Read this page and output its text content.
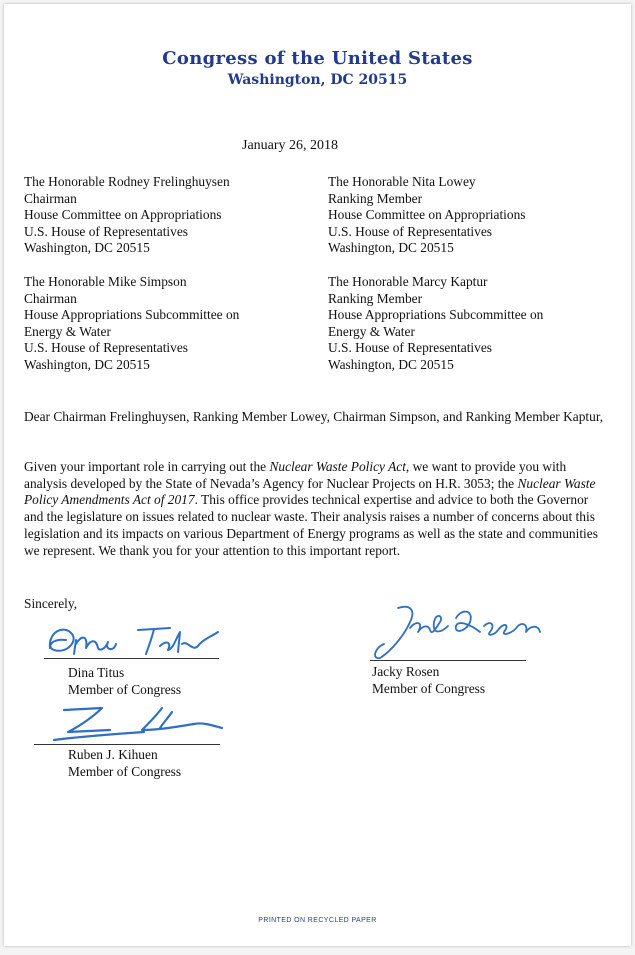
Congress of the United States
Washington, DC 20515
January 26, 2018
The Honorable Rodney Frelinghuysen
Chairman
House Committee on Appropriations
U.S. House of Representatives
Washington, DC 20515
The Honorable Nita Lowey
Ranking Member
House Committee on Appropriations
U.S. House of Representatives
Washington, DC 20515
The Honorable Mike Simpson
Chairman
House Appropriations Subcommittee on
Energy & Water
U.S. House of Representatives
Washington, DC 20515
The Honorable Marcy Kaptur
Ranking Member
House Appropriations Subcommittee on
Energy & Water
U.S. House of Representatives
Washington, DC 20515
Dear Chairman Frelinghuysen, Ranking Member Lowey, Chairman Simpson, and Ranking Member Kaptur,
Given your important role in carrying out the Nuclear Waste Policy Act, we want to provide you with analysis developed by the State of Nevada’s Agency for Nuclear Projects on H.R. 3053; the Nuclear Waste Policy Amendments Act of 2017. This office provides technical expertise and advice to both the Governor and the legislature on issues related to nuclear waste. Their analysis raises a number of concerns about this legislation and its impacts on various Department of Energy programs as well as the state and communities we represent. We thank you for your attention to this important report.
Sincerely,
Dina Titus
Member of Congress
Jacky Rosen
Member of Congress
Ruben J. Kihuen
Member of Congress
PRINTED ON RECYCLED PAPER
